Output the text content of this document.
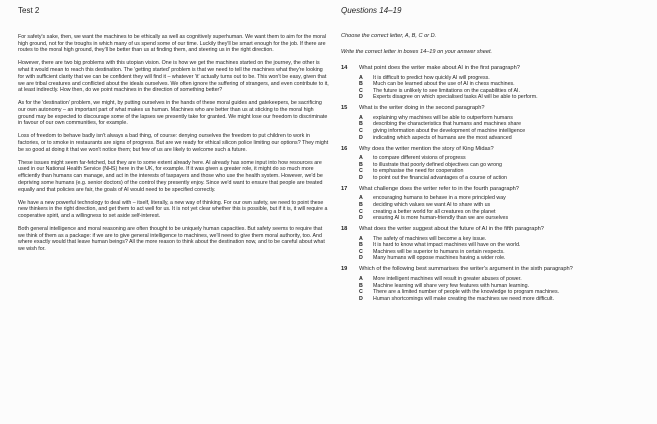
Test 2

For safety's sake, then, we want the machines to be ethically as well as cognitively superhuman. We want them to aim for the moral high ground, not for the troughs in which many of us spend some of our time. Luckily they'll be smart enough for the job. If there are routes to the moral high ground, they'll be better than us at finding them, and steering us in the right direction.

However, there are two big problems with this utopian vision. One is how we get the machines started on the journey, the other is what it would mean to reach this destination. The 'getting started' problem is that we need to tell the machines what they're looking for with sufficient clarity that we can be confident they will find it – whatever 'it' actually turns out to be. This won't be easy, given that we are tribal creatures and conflicted about the ideals ourselves. We often ignore the suffering of strangers, and even contribute to it, at least indirectly. How then, do we point machines in the direction of something better?

As for the 'destination' problem, we might, by putting ourselves in the hands of these moral guides and gatekeepers, be sacrificing our own autonomy – an important part of what makes us human. Machines who are better than us at sticking to the moral high ground may be expected to discourage some of the lapses we presently take for granted. We might lose our freedom to discriminate in favour of our own communities, for example.

Loss of freedom to behave badly isn't always a bad thing, of course: denying ourselves the freedom to put children to work in factories, or to smoke in restaurants are signs of progress. But are we ready for ethical silicon police limiting our options? They might be so good at doing it that we won't notice them; but few of us are likely to welcome such a future.

These issues might seem far-fetched, but they are to some extent already here. AI already has some input into how resources are used in our National Health Service (NHS) here in the UK, for example. If it was given a greater role, it might do so much more efficiently than humans can manage, and act in the interests of taxpayers and those who use the health system. However, we'd be depriving some humans (e.g. senior doctors) of the control they presently enjoy. Since we'd want to ensure that people are treated equally and that policies are fair, the goals of AI would need to be specified correctly.

We have a new powerful technology to deal with – itself, literally, a new way of thinking. For our own safety, we need to point these new thinkers in the right direction, and get them to act well for us. It is not yet clear whether this is possible, but if it is, it will require a cooperative spirit, and a willingness to set aside self-interest.

Both general intelligence and moral reasoning are often thought to be uniquely human capacities. But safety seems to require that we think of them as a package: if we are to give general intelligence to machines, we'll need to give them moral authority, too. And where exactly would that leave human beings? All the more reason to think about the destination now, and to be careful about what we wish for.

Questions 14–19
Choose the correct letter, A, B, C or D.
Write the correct letter in boxes 14–19 on your answer sheet.
14	What point does the writer make about AI in the first paragraph?
A	It is difficult to predict how quickly AI will progress.
B	Much can be learned about the use of AI in chess machines.
C	The future is unlikely to see limitations on the capabilities of AI.
D	Experts disagree on which specialised tasks AI will be able to perform.
15	What is the writer doing in the second paragraph?
A	explaining why machines will be able to outperform humans
B	describing the characteristics that humans and machines share
C	giving information about the development of machine intelligence
D	indicating which aspects of humans are the most advanced
16	Why does the writer mention the story of King Midas?
A	to compare different visions of progress
B	to illustrate that poorly defined objectives can go wrong
C	to emphasise the need for cooperation
D	to point out the financial advantages of a course of action
17	What challenge does the writer refer to in the fourth paragraph?
A	encouraging humans to behave in a more principled way
B	deciding which values we want AI to share with us
C	creating a better world for all creatures on the planet
D	ensuring AI is more human-friendly than we are ourselves
18	What does the writer suggest about the future of AI in the fifth paragraph?
A	The safety of machines will become a key issue.
B	It is hard to know what impact machines will have on the world.
C	Machines will be superior to humans in certain respects.
D	Many humans will oppose machines having a wider role.
19	Which of the following best summarises the writer's argument in the sixth paragraph?
A	More intelligent machines will result in greater abuses of power.
B	Machine learning will share very few features with human learning.
C	There are a limited number of people with the knowledge to program machines.
D	Human shortcomings will make creating the machines we need more difficult.
